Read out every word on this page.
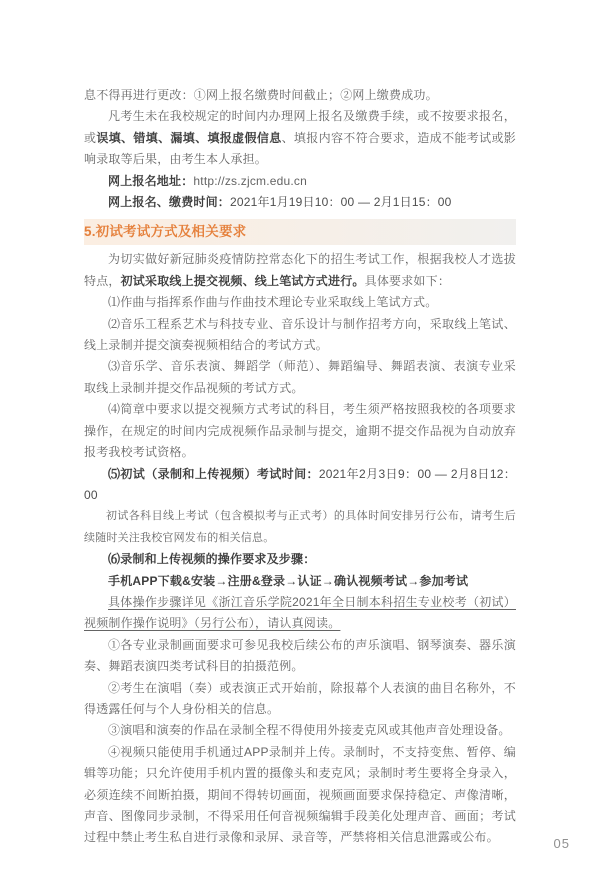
息不得再进行更改：①网上报名缴费时间截止；②网上缴费成功。

凡考生未在我校规定的时间内办理网上报名及缴费手续，或不按要求报名，或误填、错填、漏填、填报虚假信息、填报内容不符合要求，造成不能考试或影响录取等后果，由考生本人承担。

网上报名地址：http://zs.zjcm.edu.cn

网上报名、缴费时间：2021年1月19日10：00 — 2月1日15：00

5.初试考试方式及相关要求

为切实做好新冠肺炎疫情防控常态化下的招生考试工作，根据我校人才选拔特点，初试采取线上提交视频、线上笔试方式进行。具体要求如下：

⑴作曲与指挥系作曲与作曲技术理论专业采取线上笔试方式。

⑵音乐工程系艺术与科技专业、音乐设计与制作招考方向，采取线上笔试、线上录制并提交演奏视频相结合的考试方式。

⑶音乐学、音乐表演、舞蹈学（师范）、舞蹈编导、舞蹈表演、表演专业采取线上录制并提交作品视频的考试方式。

⑷简章中要求以提交视频方式考试的科目，考生须严格按照我校的各项要求操作，在规定的时间内完成视频作品录制与提交，逾期不提交作品视为自动放弃报考我校考试资格。

⑸初试（录制和上传视频）考试时间：2021年2月3日9：00 — 2月8日12：00

初试各科目线上考试（包含模拟考与正式考）的具体时间安排另行公布，请考生后续随时关注我校官网发布的相关信息。

⑹录制和上传视频的操作要求及步骤：

手机APP下载&安装→注册&登录→认证→确认视频考试→参加考试

具体操作步骤详见《浙江音乐学院2021年全日制本科招生专业校考（初试）视频制作操作说明》（另行公布），请认真阅读。

①各专业录制画面要求可参见我校后续公布的声乐演唱、钢琴演奏、器乐演奏、舞蹈表演四类考试科目的拍摄范例。

②考生在演唱（奏）或表演正式开始前，除报幕个人表演的曲目名称外，不得透露任何与个人身份相关的信息。

③演唱和演奏的作品在录制全程不得使用外接麦克风或其他声音处理设备。

④视频只能使用手机通过APP录制并上传。录制时，不支持变焦、暂停、编辑等功能；只允许使用手机内置的摄像头和麦克风；录制时考生要将全身录入，必须连续不间断拍摄，期间不得转切画面，视频画面要求保持稳定、声像清晰，声音、图像同步录制，不得采用任何音视频编辑手段美化处理声音、画面；考试过程中禁止考生私自进行录像和录屏、录音等，严禁将相关信息泄露或公布。	05
